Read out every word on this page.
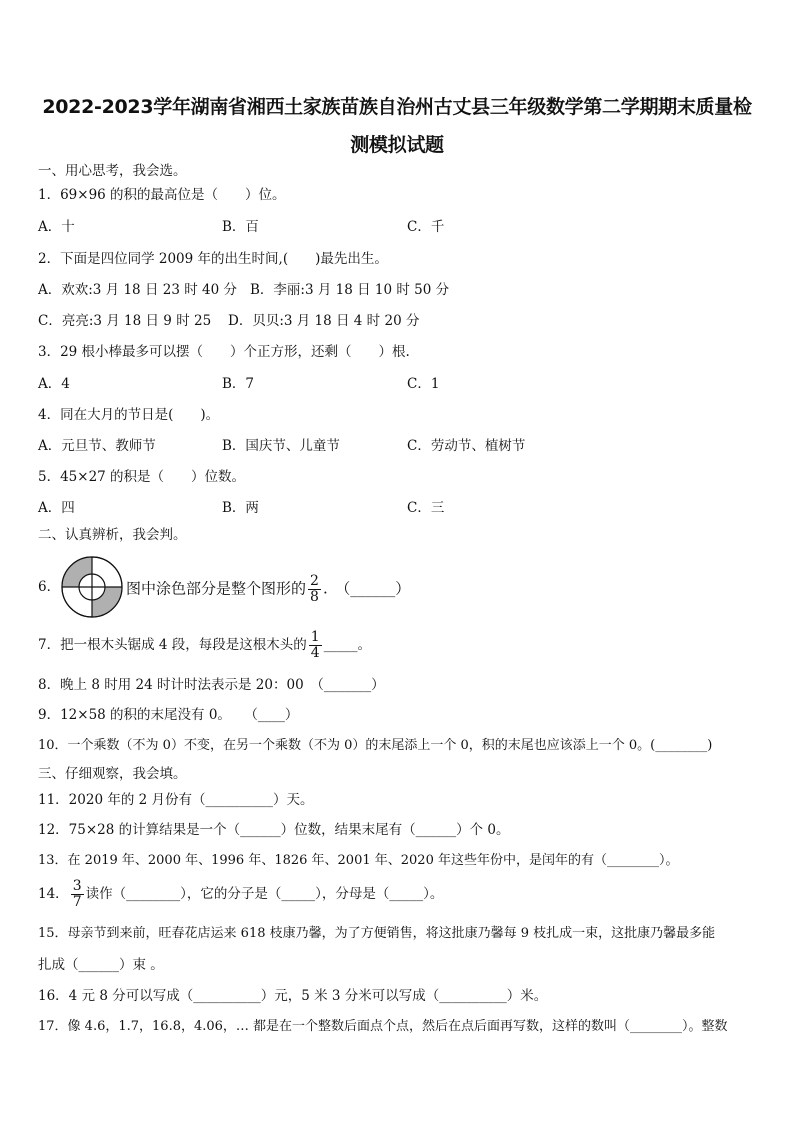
2022-2023学年湖南省湘西土家族苗族自治州古丈县三年级数学第二学期期末质量检
测模拟试题
一、用心思考，我会选。
1．69×96 的积的最高位是（　　）位。
A．十	B．百	C．千
2．下面是四位同学 2009 年的出生时间,(　　)最先出生。
A．欢欢:3 月 18 日 23 时 40 分 B．李丽:3 月 18 日 10 时 50 分
C．亮亮:3 月 18 日 9 时 25 D．贝贝:3 月 18 日 4 时 20 分
3．29 根小棒最多可以摆（　　）个正方形，还剩（　　）根.
A．4	B．7	C．1
4．同在大月的节日是(　　)。
A．元旦节、教师节	B．国庆节、儿童节	C．劳动节、植树节
5．45×27 的积是（　　）位数。
A．四	B．两	C．三
二、认真辨析，我会判。
6．	图中涂色部分是整个图形的 $\frac{2}{8}$ .　（______）
7．把一根木头锯成 4 段，每段是这根木头的 $\frac{1}{4}$ _____。
8．晚上 8 时用 24 时计时法表示是 20：00　（_______）
9．12×58 的积的末尾没有 0。　　（____）
10．一个乘数（不为 0）不变，在另一个乘数（不为 0）的末尾添上一个 0，积的末尾也应该添上一个 0。(________)
三、仔细观察，我会填。
11．2020 年的 2 月份有（__________）天。
12．75×28 的计算结果是一个（______）位数，结果末尾有（______）个 0。
13．在 2019 年、2000 年、1996 年、1826 年、2001 年、2020 年这些年份中，是闰年的有（________）。
14． $\frac{3}{7}$ 读作（________），它的分子是（_____），分母是（_____）。
15．母亲节到来前，旺春花店运来 618 枝康乃馨，为了方便销售，将这批康乃馨每 9 枝扎成一束，这批康乃馨最多能
扎成（______）束 。
16．4 元 8 分可以写成（__________）元，5 米 3 分米可以写成（__________）米。
17．像 4.6，1.7，16.8，4.06，… 都是在一个整数后面点个点，然后在点后面再写数，这样的数叫（________）。整数
